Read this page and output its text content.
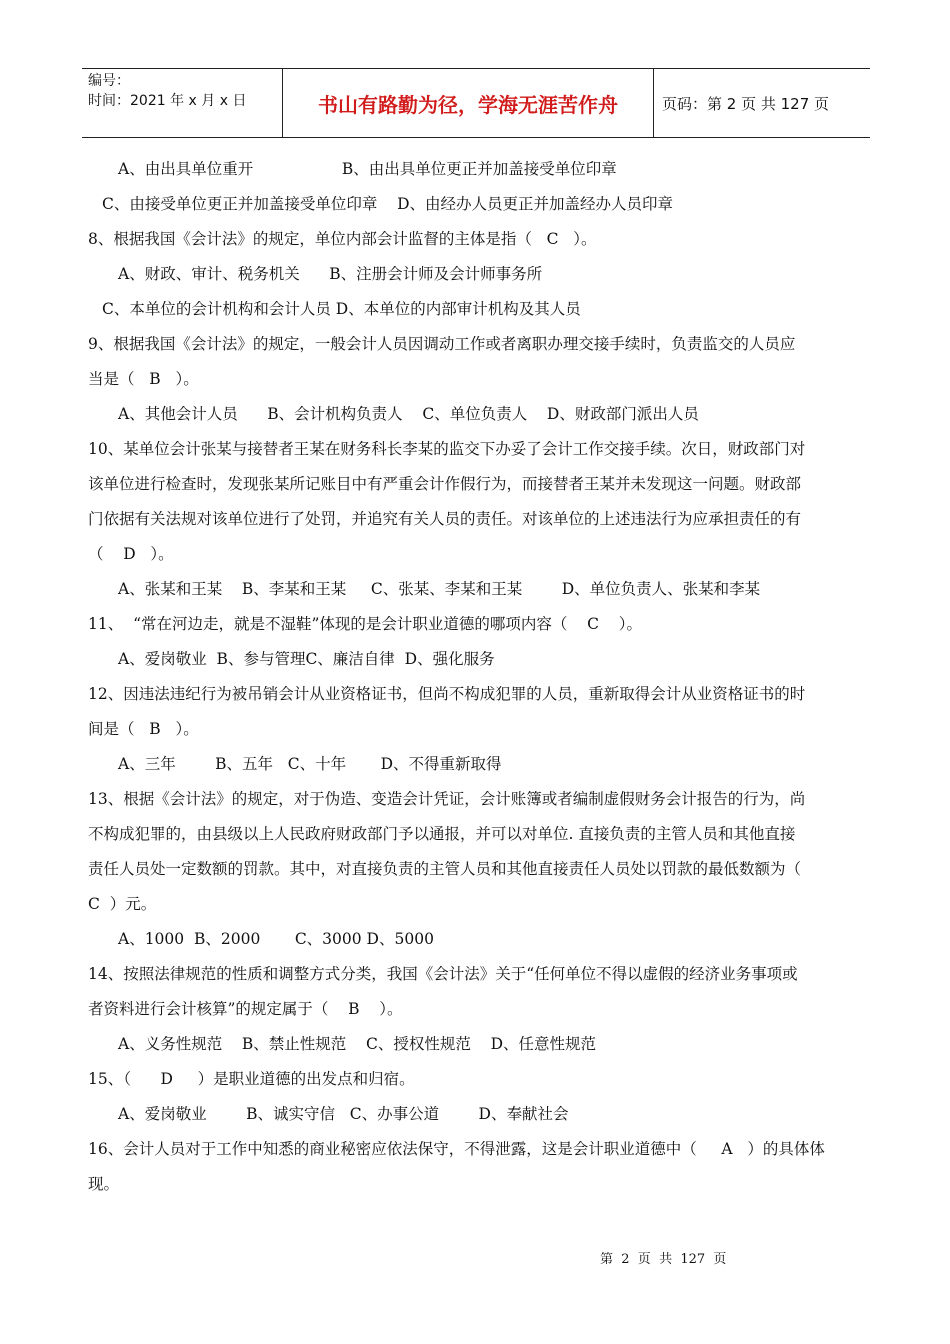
编号：
时间：2021 年 x 月 x 日	书山有路勤为径，学海无涯苦作舟	页码：第 2 页 共 127 页
A、由出具单位重开                  B、由出具单位更正并加盖接受单位印章
C、由接受单位更正并加盖接受单位印章    D、由经办人员更正并加盖经办人员印章
8、根据我国《会计法》的规定，单位内部会计监督的主体是指（   C   ）。
A、财政、审计、税务机关      B、注册会计师及会计师事务所
C、本单位的会计机构和会计人员 D、本单位的内部审计机构及其人员
9、根据我国《会计法》的规定，一般会计人员因调动工作或者离职办理交接手续时，负责监交的人员应
当是（   B   ）。
A、其他会计人员      B、会计机构负责人    C、单位负责人    D、财政部门派出人员
10、某单位会计张某与接替者王某在财务科长李某的监交下办妥了会计工作交接手续。次日，财政部门对
该单位进行检查时，发现张某所记账目中有严重会计作假行为，而接替者王某并未发现这一问题。财政部
门依据有关法规对该单位进行了处罚，并追究有关人员的责任。对该单位的上述违法行为应承担责任的有
（    D   ）。
A、张某和王某    B、李某和王某     C、张某、李某和王某        D、单位负责人、张某和李某
11、  “常在河边走，就是不湿鞋”体现的是会计职业道德的哪项内容（    C    ）。
A、爱岗敬业  B、参与管理C、廉洁自律  D、强化服务
12、因违法违纪行为被吊销会计从业资格证书，但尚不构成犯罪的人员，重新取得会计从业资格证书的时
间是（   B   ）。
A、三年        B、五年   C、十年       D、不得重新取得
13、根据《会计法》的规定，对于伪造、变造会计凭证，会计账簿或者编制虚假财务会计报告的行为，尚
不构成犯罪的，由县级以上人民政府财政部门予以通报，并可以对单位. 直接负责的主管人员和其他直接
责任人员处一定数额的罚款。其中，对直接负责的主管人员和其他直接责任人员处以罚款的最低数额为（
C  ）元。
A、1000  B、2000       C、3000 D、5000
14、按照法律规范的性质和调整方式分类，我国《会计法》关于“任何单位不得以虚假的经济业务事项或
者资料进行会计核算”的规定属于（    B    ）。
A、义务性规范    B、禁止性规范    C、授权性规范    D、任意性规范
15、（      D     ）是职业道德的出发点和归宿。
A、爱岗敬业        B、诚实守信   C、办事公道        D、奉献社会
16、会计人员对于工作中知悉的商业秘密应依法保守，不得泄露，这是会计职业道德中（     A   ）的具体体
现。
第  2  页  共  127  页
